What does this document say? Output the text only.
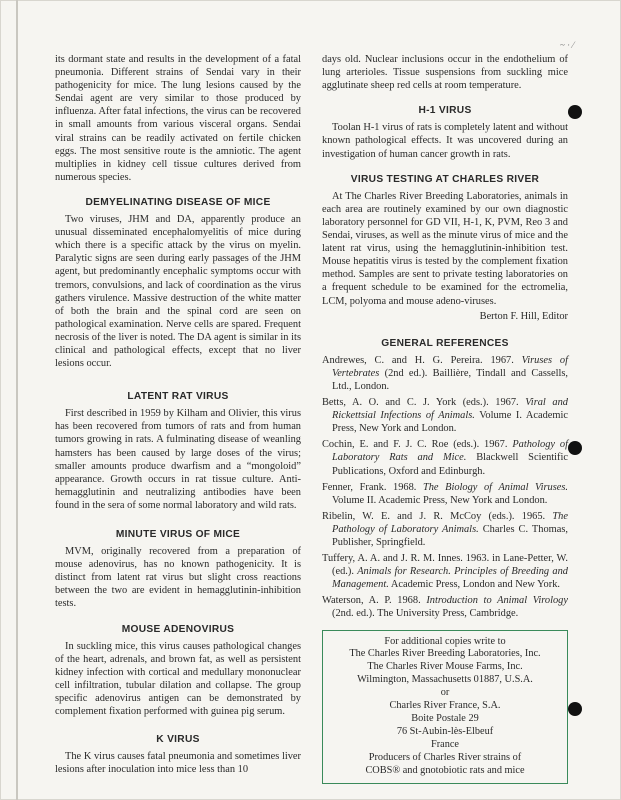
~ · ⁄

its dormant state and results in the development of a fatal pneumonia. Different strains of Sendai vary in their pathogenicity for mice. The lung lesions caused by the Sendai agent are very similar to those produced by influenza. After fatal infections, the virus can be recovered in small amounts from various visceral organs. Sendai viral strains can be readily activated on fertile chicken eggs. The most sensitive route is the amniotic. The agent multiplies in kidney cell tissue cultures derived from numerous species.

DEMYELINATING DISEASE OF MICE

Two viruses, JHM and DA, apparently produce an unusual disseminated encephalomyelitis of mice during which there is a specific attack by the virus on myelin. Paralytic signs are seen during early passages of the JHM agent, but predominantly encephalic symptoms occur with tremors, convulsions, and lack of coordination as the virus gathers virulence. Massive destruction of the white matter of both the brain and the spinal cord are seen on pathological examination. Nerve cells are spared. Frequent necrosis of the liver is noted. The DA agent is similar in its clinical and pathological effects, except that no liver lesions occur.

LATENT RAT VIRUS

First described in 1959 by Kilham and Olivier, this virus has been recovered from tumors of rats and from human tumors growing in rats. A fulminating disease of weanling hamsters has been caused by large doses of the virus; smaller amounts produce dwarfism and a “mongoloid” appearance. Growth occurs in rat tissue culture. Anti-hemagglutinin and neutralizing antibodies have been found in the sera of some normal laboratory and wild rats.

MINUTE VIRUS OF MICE

MVM, originally recovered from a preparation of mouse adenovirus, has no known pathogenicity. It is distinct from latent rat virus but slight cross reactions between the two are evident in hemagglutinin-inhibition tests.

MOUSE ADENOVIRUS

In suckling mice, this virus causes pathological changes of the heart, adrenals, and brown fat, as well as persistent kidney infection with cortical and medullary mononuclear cell infiltration, tubular dilation and collapse. The group specific adenovirus antigen can be demonstrated by complement fixation performed with guinea pig serum.

K VIRUS

The K virus causes fatal pneumonia and sometimes liver lesions after inoculation into mice less than 10

days old. Nuclear inclusions occur in the endothelium of lung arterioles. Tissue suspensions from suckling mice agglutinate sheep red cells at room temperature.

H-1 VIRUS

Toolan H-1 virus of rats is completely latent and without known pathological effects. It was uncovered during an investigation of human cancer growth in rats.

VIRUS TESTING AT CHARLES RIVER

At The Charles River Breeding Laboratories, animals in each area are routinely examined by our own diagnostic laboratory personnel for GD VII, H-1, K, PVM, Reo 3 and Sendai, viruses, as well as the minute virus of mice and the latent rat virus, using the hemagglutinin-inhibition test. Mouse hepatitis virus is tested by the complement fixation method. Samples are sent to private testing laboratories on a frequent schedule to be examined for the ectromelia, LCM, polyoma and mouse adeno-viruses.

Berton F. Hill, Editor
GENERAL REFERENCES

Andrewes, C. and H. G. Pereira. 1967. Viruses of Vertebrates (2nd ed.). Baillière, Tindall and Cassells, Ltd., London.

Betts, A. O. and C. J. York (eds.). 1967. Viral and Rickettsial Infections of Animals. Volume I. Academic Press, New York and London.

Cochin, E. and F. J. C. Roe (eds.). 1967. Pathology of Laboratory Rats and Mice. Blackwell Scientific Publications, Oxford and Edinburgh.

Fenner, Frank. 1968. The Biology of Animal Viruses. Volume II. Academic Press, New York and London.

Ribelin, W. E. and J. R. McCoy (eds.). 1965. The Pathology of Laboratory Animals. Charles C. Thomas, Publisher, Springfield.

Tuffery, A. A. and J. R. M. Innes. 1963. in Lane-Petter, W. (ed.). Animals for Research. Principles of Breeding and Management. Academic Press, London and New York.

Waterson, A. P. 1968. Introduction to Animal Virology (2nd. ed.). The University Press, Cambridge.

For additional copies write to
The Charles River Breeding Laboratories, Inc.
The Charles River Mouse Farms, Inc.
Wilmington, Massachusetts 01887, U.S.A.
or
Charles River France, S.A.
Boite Postale 29
76 St-Aubin-lès-Elbeuf
France
Producers of Charles River strains of
COBS® and gnotobiotic rats and mice
